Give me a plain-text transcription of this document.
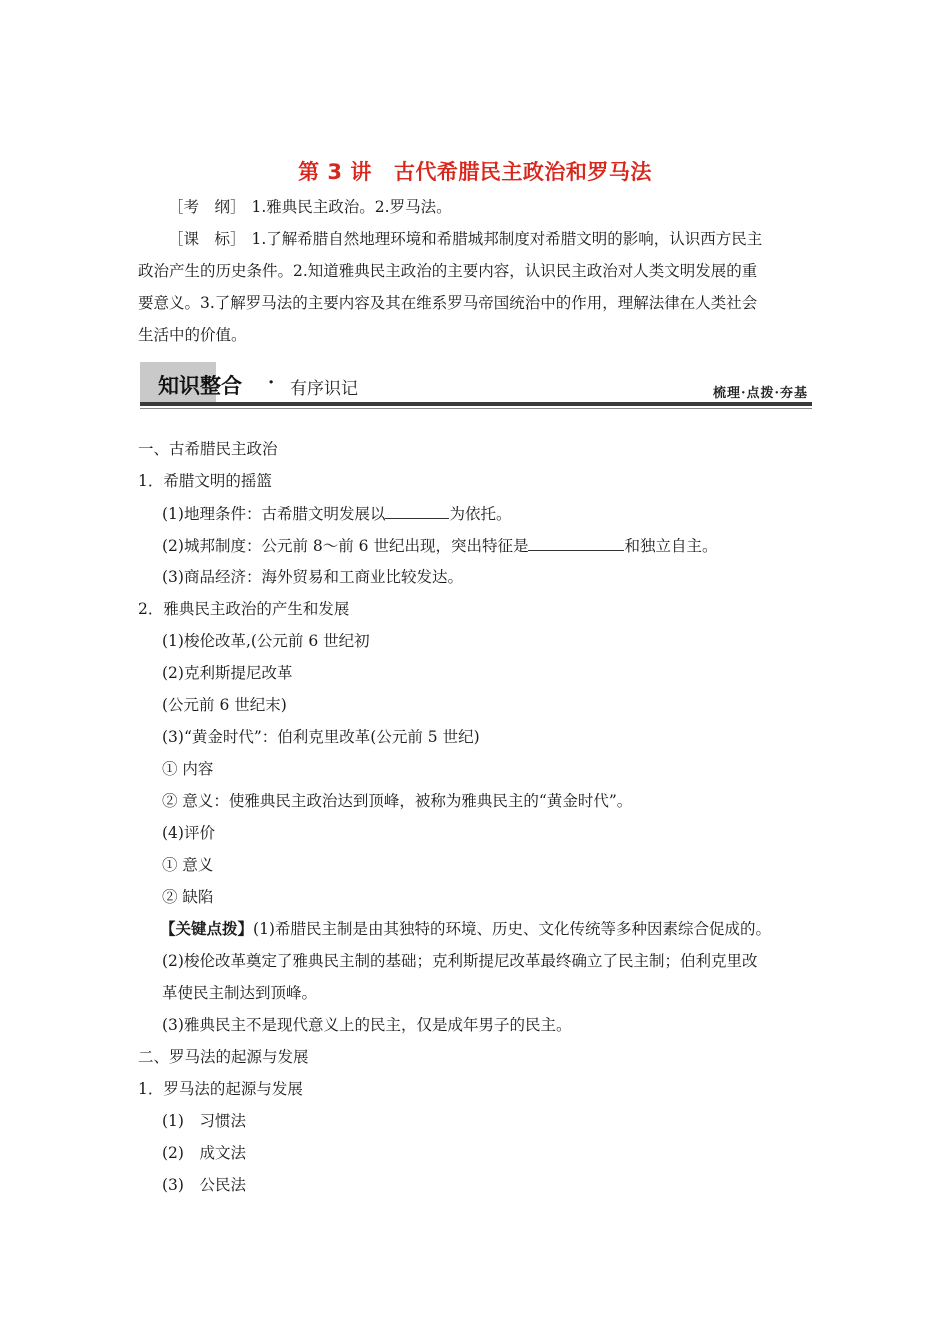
第 3 讲 古代希腊民主政治和罗马法
［考　纲］ 1.雅典民主政治。2.罗马法。
［课　标］ 1.了解希腊自然地理环境和希腊城邦制度对希腊文明的影响，认识西方民主
政治产生的历史条件。2.知道雅典民主政治的主要内容，认识民主政治对人类文明发展的重
要意义。3.了解罗马法的主要内容及其在维系罗马帝国统治中的作用，理解法律在人类社会
生活中的价值。
知识整合 · 有序识记	梳理·点拨·夯基
一、古希腊民主政治
1．希腊文明的摇篮
(1)地理条件：古希腊文明发展以	为依托。
(2)城邦制度：公元前 8～前 6 世纪出现，突出特征是	和独立自主。
(3)商品经济：海外贸易和工商业比较发达。
2．雅典民主政治的产生和发展
(1)梭伦改革,(公元前 6 世纪初
(2)克利斯提尼改革
(公元前 6 世纪末)
(3)“黄金时代”：伯利克里改革(公元前 5 世纪)
① 内容
② 意义：使雅典民主政治达到顶峰，被称为雅典民主的“黄金时代”。
(4)评价
① 意义
② 缺陷
【关键点拨】(1)希腊民主制是由其独特的环境、历史、文化传统等多种因素综合促成的。
(2)梭伦改革奠定了雅典民主制的基础；克利斯提尼改革最终确立了民主制；伯利克里改
革使民主制达到顶峰。
(3)雅典民主不是现代意义上的民主，仅是成年男子的民主。
二、罗马法的起源与发展
1．罗马法的起源与发展
(1)　习惯法
(2)　成文法
(3)　公民法
